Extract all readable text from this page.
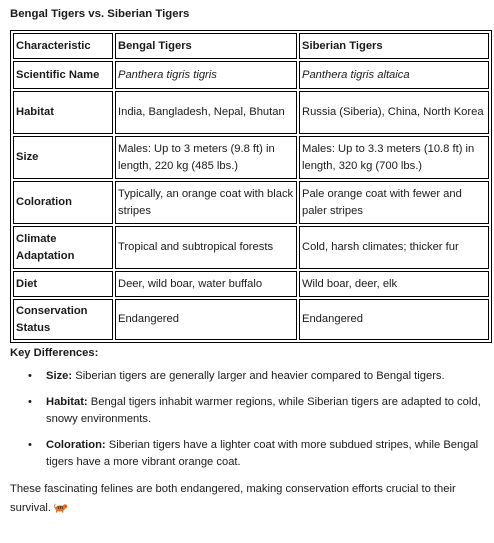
Bengal Tigers vs. Siberian Tigers
Characteristic	Bengal Tigers	Siberian Tigers
Scientific Name	Panthera tigris tigris	Panthera tigris altaica
Habitat	India, Bangladesh, Nepal, Bhutan	Russia (Siberia), China, North Korea
Size	Males: Up to 3 meters (9.8 ft) in length, 220 kg (485 lbs.)	Males: Up to 3.3 meters (10.8 ft) in length, 320 kg (700 lbs.)
Coloration	Typically, an orange coat with black stripes	Pale orange coat with fewer and paler stripes
Climate Adaptation	Tropical and subtropical forests	Cold, harsh climates; thicker fur
Diet	Deer, wild boar, water buffalo	Wild boar, deer, elk
Conservation Status	Endangered	Endangered
Key Differences:
• Size: Siberian tigers are generally larger and heavier compared to Bengal tigers.
• Habitat: Bengal tigers inhabit warmer regions, while Siberian tigers are adapted to cold, snowy environments.
• Coloration: Siberian tigers have a lighter coat with more subdued stripes, while Bengal tigers have a more vibrant orange coat.

These fascinating felines are both endangered, making conservation efforts crucial to their survival.
